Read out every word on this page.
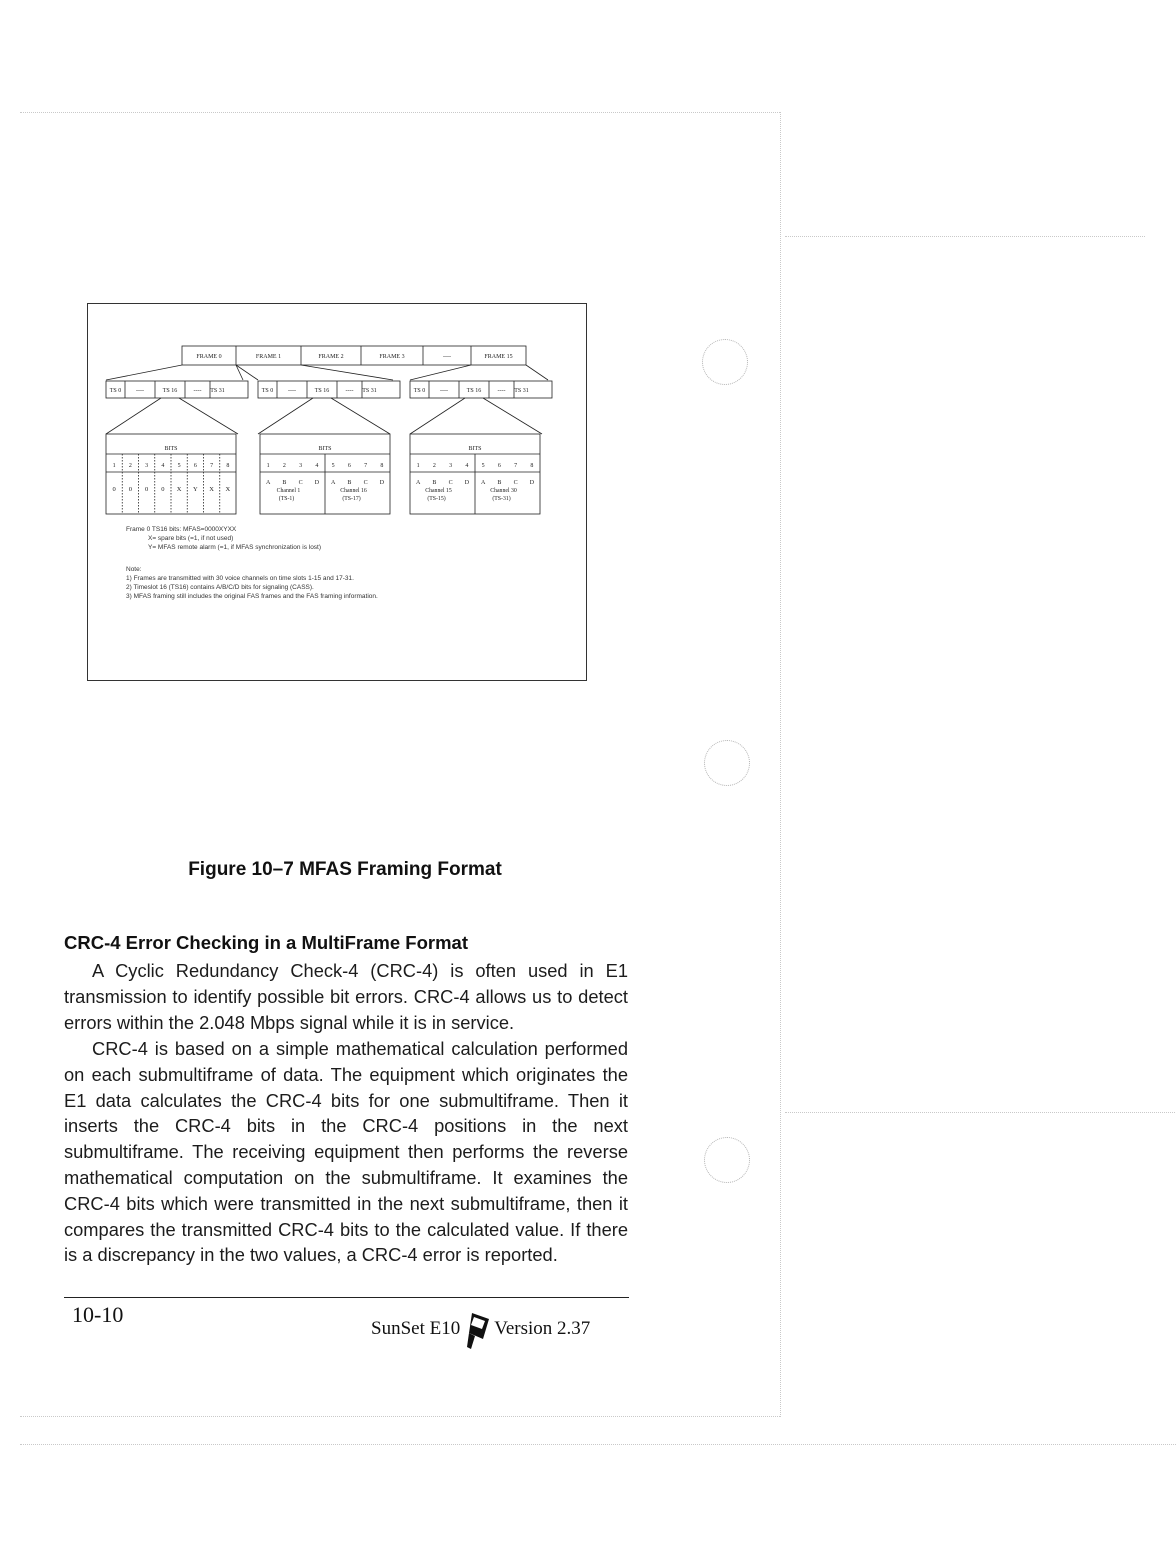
FRAME 0	FRAME 1	FRAME 2	FRAME 3	----	FRAME 15
TS 0 ----	TS 16	---- TS 31	TS 0 ----	TS 16	---- TS 31	TS 0 ----	TS 16	---- TS 31
BITS
1 2 3 4 5 6 7 8
0 0 0 0 X Y X X
BITS
1 2 3 4 5 6 7 8
A B C D A B C D
Channel 1
(TS-1)
Channel 16
(TS-17)
BITS
1 2 3 4 5 6 7 8
A B C D A B C D
Channel 15
(TS-15)
Channel 30
(TS-31)
Frame 0 TS16 bits: MFAS=0000XYXX
X= spare bits (=1, if not used)
Y= MFAS remote alarm (=1, if MFAS synchronization is lost)
Note:
1) Frames are transmitted with 30 voice channels on time slots 1-15 and 17-31.
2) Timeslot 16 (TS16) contains A/B/C/D bits for signaling (CASS).
3) MFAS framing still includes the original FAS frames and the FAS framing information.
Figure 10–7 MFAS Framing Format
CRC-4 Error Checking in a MultiFrame Format

A Cyclic Redundancy Check-4 (CRC-4) is often used in E1 transmission to identify possible bit errors. CRC-4 allows us to detect errors within the 2.048 Mbps signal while it is in service.

CRC-4 is based on a simple mathematical calculation performed on each submultiframe of data. The equipment which originates the E1 data calculates the CRC-4 bits for one submultiframe. Then it inserts the CRC-4 bits in the CRC-4 positions in the next submultiframe. The receiving equipment then performs the reverse mathematical computation on the submultiframe. It examines the CRC-4 bits which were transmitted in the next submultiframe, then it compares the transmitted CRC-4 bits to the calculated value. If there is a discrepancy in the two values, a CRC-4 error is reported.

10-10
SunSet E10 Version 2.37
